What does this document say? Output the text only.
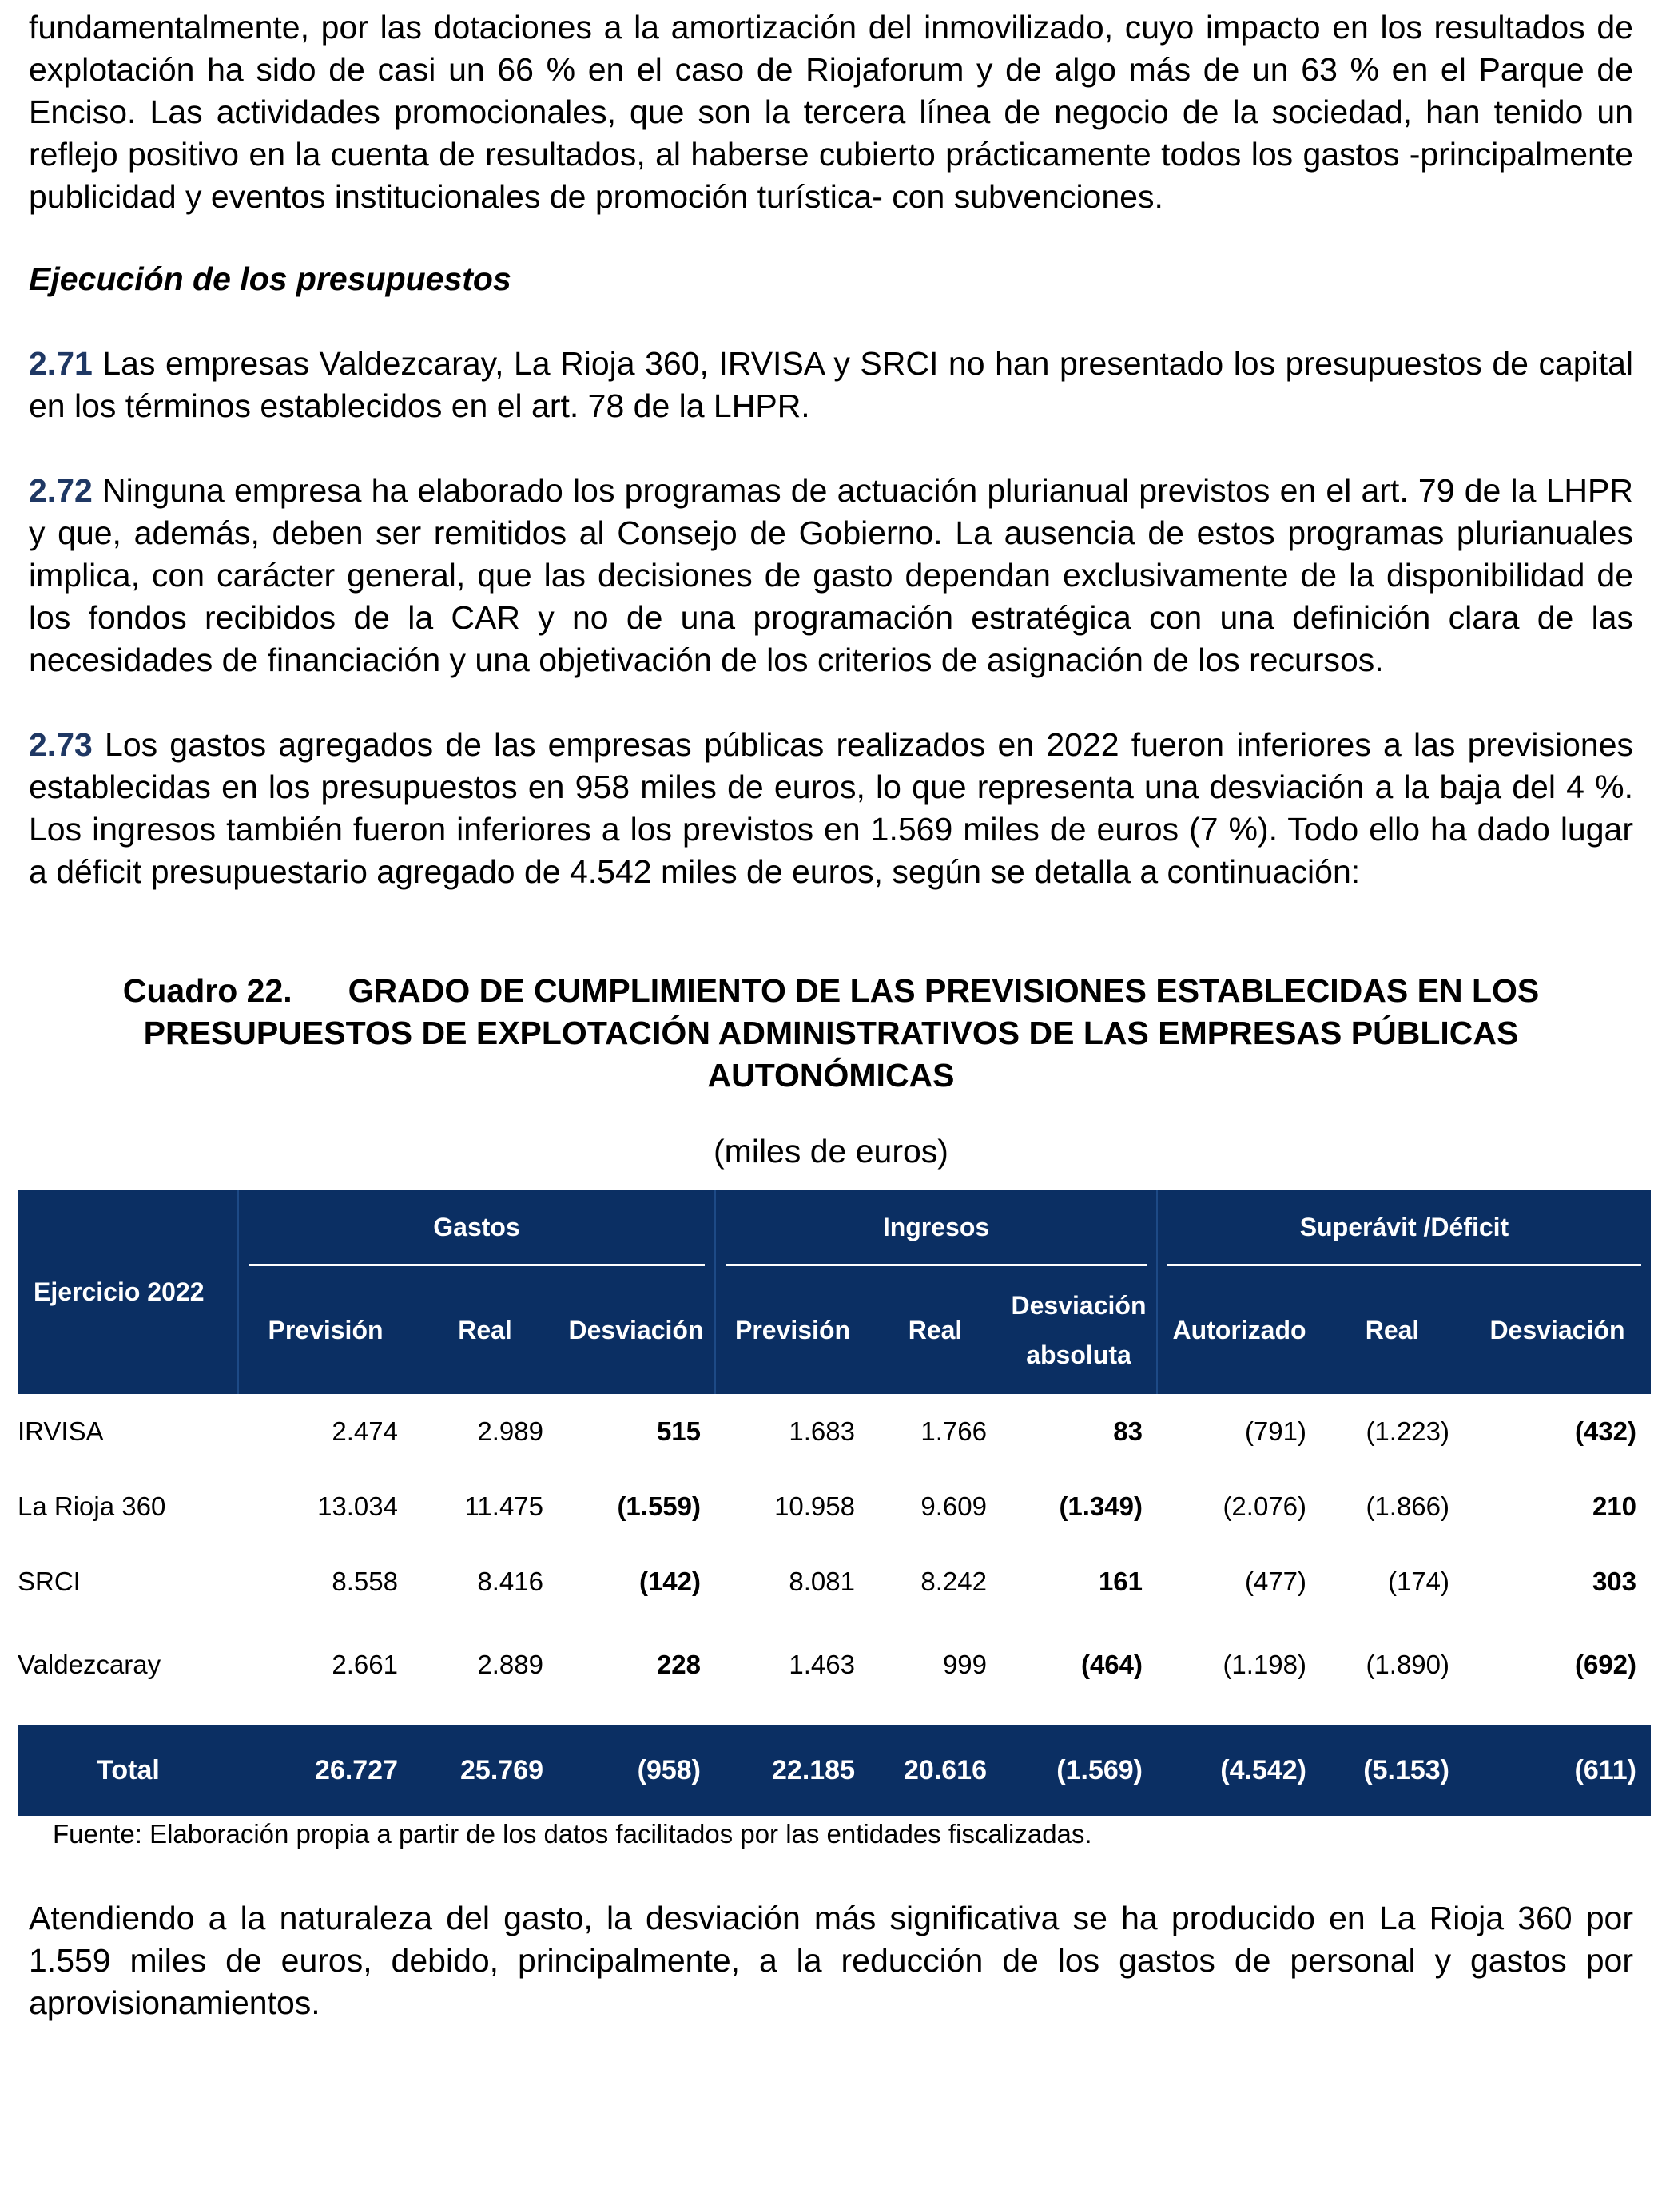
fundamentalmente, por las dotaciones a la amortización del inmovilizado, cuyo impacto en los resultados de explotación ha sido de casi un 66 % en el caso de Riojaforum y de algo más de un 63 % en el Parque de Enciso. Las actividades promocionales, que son la tercera línea de negocio de la sociedad, han tenido un reflejo positivo en la cuenta de resultados, al haberse cubierto prácticamente todos los gastos -principalmente publicidad y eventos institucionales de promoción turística- con subvenciones.

Ejecución de los presupuestos

2.71 Las empresas Valdezcaray, La Rioja 360, IRVISA y SRCI no han presentado los presupuestos de capital en los términos establecidos en el art. 78 de la LHPR.

2.72 Ninguna empresa ha elaborado los programas de actuación plurianual previstos en el art. 79 de la LHPR y que, además, deben ser remitidos al Consejo de Gobierno. La ausencia de estos programas plurianuales implica, con carácter general, que las decisiones de gasto dependan exclusivamente de la disponibilidad de los fondos recibidos de la CAR y no de una programación estratégica con una definición clara de las necesidades de financiación y una objetivación de los criterios de asignación de los recursos.

2.73 Los gastos agregados de las empresas públicas realizados en 2022 fueron inferiores a las previsiones establecidas en los presupuestos en 958 miles de euros, lo que representa una desviación a la baja del 4 %. Los ingresos también fueron inferiores a los previstos en 1.569 miles de euros (7 %). Todo ello ha dado lugar a déficit presupuestario agregado de 4.542 miles de euros, según se detalla a continuación:

Cuadro 22. GRADO DE CUMPLIMIENTO DE LAS PREVISIONES ESTABLECIDAS EN LOS PRESUPUESTOS DE EXPLOTACIÓN ADMINISTRATIVOS DE LAS EMPRESAS PÚBLICAS AUTONÓMICAS
(miles de euros)
Ejercicio 2022	Gastos			Ingresos			Superávit /Déficit		

	Previsión	Real	Desviación	Previsión	Real	Desviación absoluta	Autorizado	Real	Desviación
IRVISA	2.474	2.989	515	1.683	1.766	83	(791)	(1.223)	(432)
La Rioja 360	13.034	11.475	(1.559)	10.958	9.609	(1.349)	(2.076)	(1.866)	210
SRCI	8.558	8.416	(142)	8.081	8.242	161	(477)	(174)	303
Valdezcaray	2.661	2.889	228	1.463	999	(464)	(1.198)	(1.890)	(692)

Total	26.727	25.769	(958)	22.185	20.616	(1.569)	(4.542)	(5.153)	(611)
Fuente: Elaboración propia a partir de los datos facilitados por las entidades fiscalizadas.

Atendiendo a la naturaleza del gasto, la desviación más significativa se ha producido en La Rioja 360 por 1.559 miles de euros, debido, principalmente, a la reducción de los gastos de personal y gastos por aprovisionamientos.
